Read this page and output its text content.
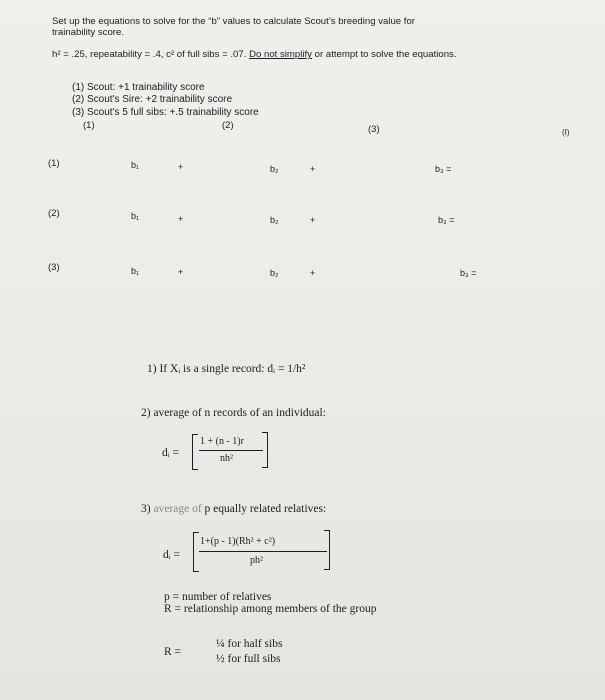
Set up the equations to solve for the “b” values to calculate Scout’s breeding value for
trainability score.
h² = .25, repeatability = .4, c² of full sibs = .07. Do not simplify or attempt to solve the equations.
(1) Scout: +1 trainability score
(2) Scout's Sire: +2 trainability score
(3) Scout's 5 full sibs: +.5 trainability score
(1)	(2)	(3)	(I)
(1)	b₁	+	b₂	+	b₃ =
(2)	b₁	+	b₂	+	b₃ =
(3)	b₁	+	b₂	+	b₃ =
1) If Xᵢ is a single record: dᵢ = 1/h²
2) average of n records of an individual:
dᵢ =
1 + (n - 1)r
nh²
3) average of p equally related relatives:
dᵢ =
1+(p - 1)(Rh² + c²)
ph²
p = number of relatives
R = relationship among members of the group
R =
¼ for half sibs
½ for full sibs
